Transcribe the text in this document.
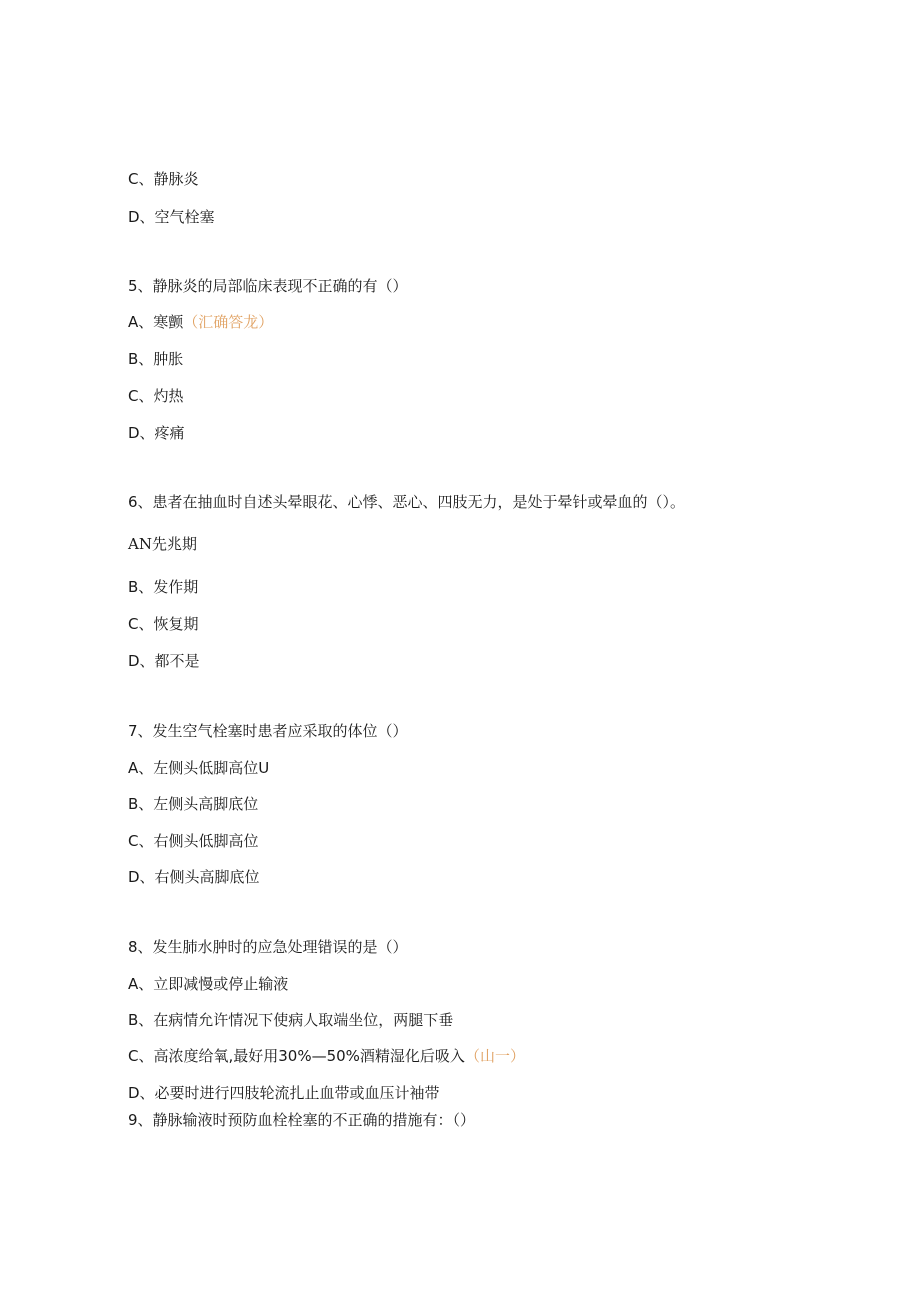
C、静脉炎
D、空气栓塞
5、静脉炎的局部临床表现不正确的有（）
A、寒颤（汇确答龙）
B、肿胀
C、灼热
D、疼痛
6、患者在抽血时自述头晕眼花、心悸、恶心、四肢无力，是处于晕针或晕血的（）。
AN先兆期
B、发作期
C、恢复期
D、都不是
7、发生空气栓塞时患者应采取的体位（）
A、左侧头低脚高位U
B、左侧头高脚底位
C、右侧头低脚高位
D、右侧头高脚底位
8、发生肺水肿时的应急处理错误的是（）
A、立即减慢或停止输液
B、在病情允许情况下使病人取端坐位，两腿下垂
C、高浓度给氧,最好用30%—50%酒精湿化后吸入（山一）
D、必要时进行四肢轮流扎止血带或血压计袖带
9、静脉输液时预防血栓栓塞的不正确的措施有：（）
